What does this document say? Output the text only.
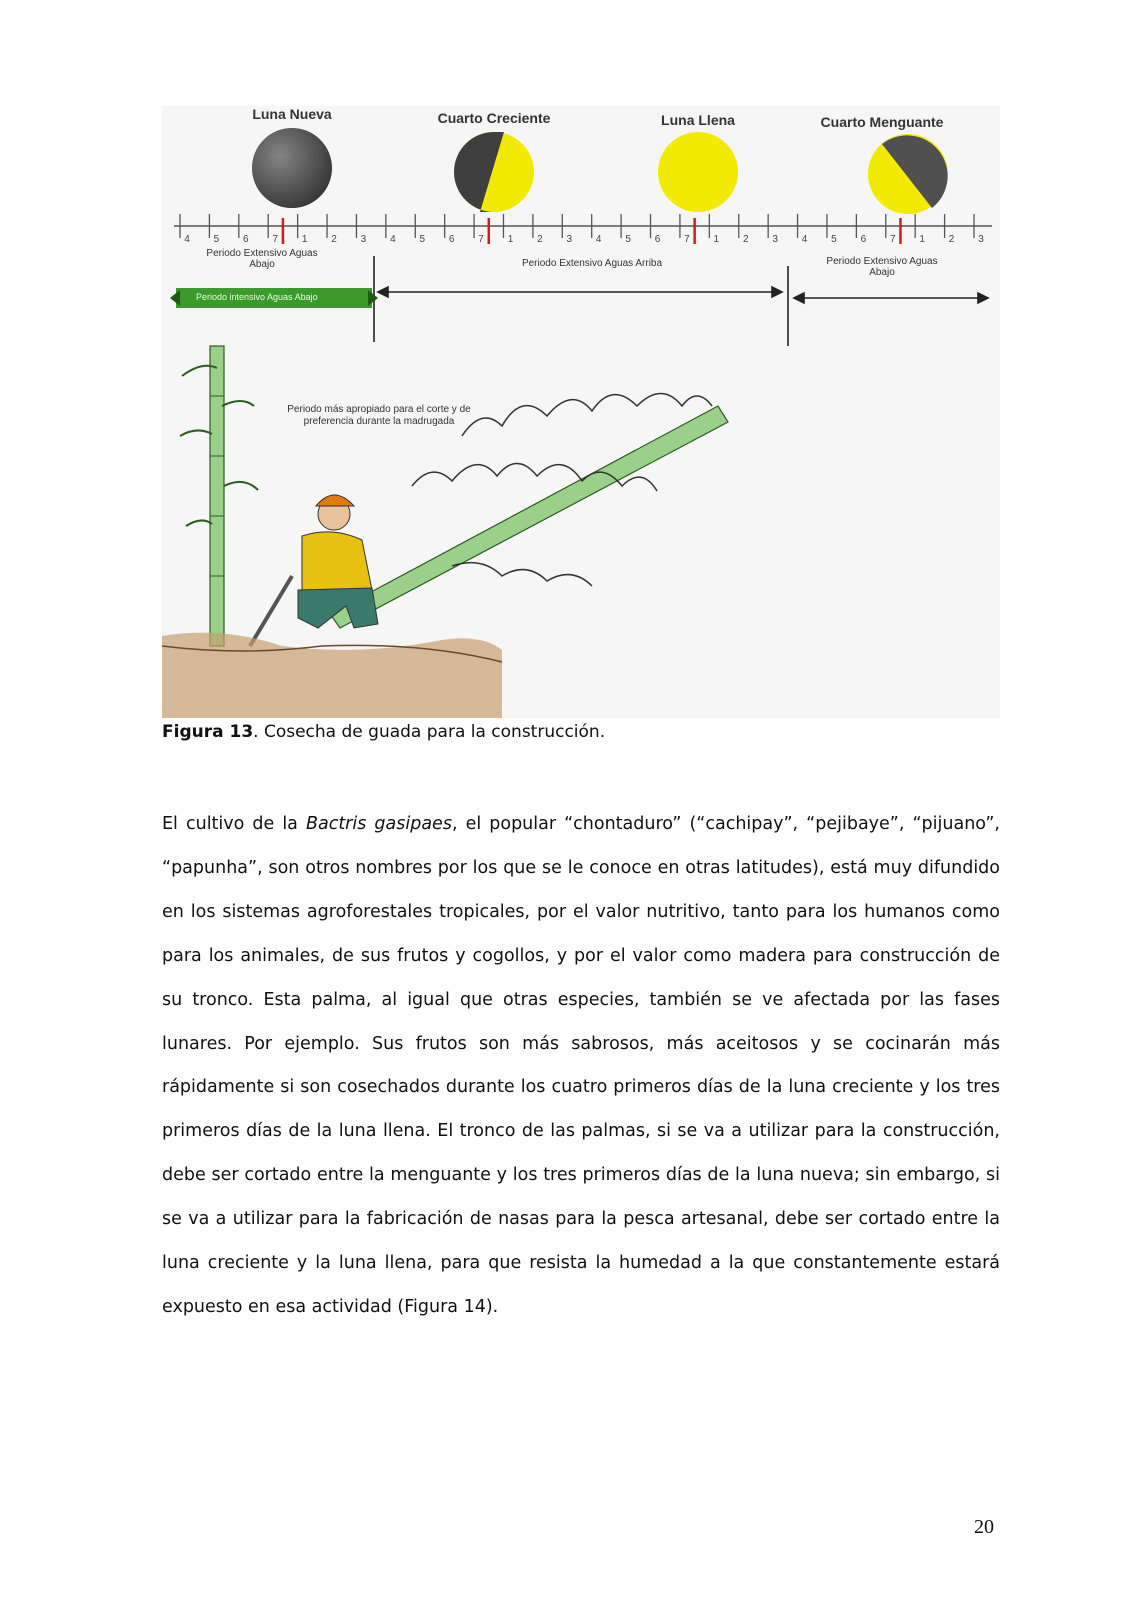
Luna Nueva	Cuarto Creciente	Luna Llena	Cuarto Menguante
4 5 6 7 1 2 3 4 5 6 7 1 2 3 4 5 6 7 1 2 3 4 5 6 7 1 2 3
Periodo Extensivo Aguas Abajo	Periodo Extensivo Aguas Arriba	Periodo Extensivo Aguas Abajo
Periodo intensivo Aguas Abajo
Periodo más apropiado para el corte y de preferencia durante la madrugada
Figura 13. Cosecha de guada para la construcción.
El cultivo de la Bactris gasipaes, el popular “chontaduro” (“cachipay”, “pejibaye”, “pijuano”, “papunha”, son otros nombres por los que se le conoce en otras latitudes), está muy difundido en los sistemas agroforestales tropicales, por el valor nutritivo, tanto para los humanos como para los animales, de sus frutos y cogollos, y por el valor como madera para construcción de su tronco. Esta palma, al igual que otras especies, también se ve afectada por las fases lunares. Por ejemplo. Sus frutos son más sabrosos, más aceitosos y se cocinarán más rápidamente si son cosechados durante los cuatro primeros días de la luna creciente y los tres primeros días de la luna llena. El tronco de las palmas, si se va a utilizar para la construcción, debe ser cortado entre la menguante y los tres primeros días de la luna nueva; sin embargo, si se va a utilizar para la fabricación de nasas para la pesca artesanal, debe ser cortado entre la luna creciente y la luna llena, para que resista la humedad a la que constantemente estará expuesto en esa actividad (Figura 14).
20
